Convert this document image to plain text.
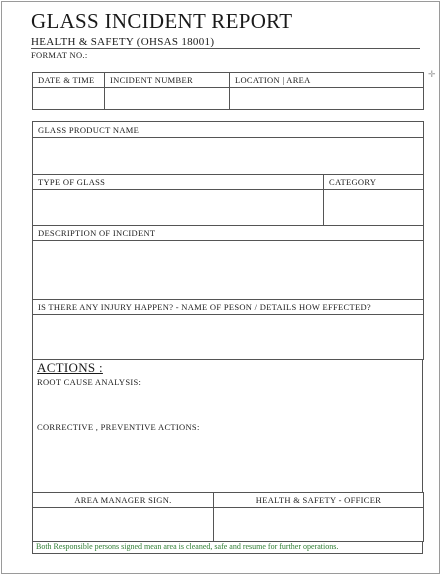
GLASS INCIDENT REPORT
HEALTH & SAFETY (OHSAS 18001)
FORMAT NO.:
✛
DATE & TIME	INCIDENT NUMBER	LOCATION | AREA

GLASS PRODUCT NAME	

TYPE OF GLASS	CATEGORY

DESCRIPTION OF INCIDENT	

IS THERE ANY INJURY HAPPEN? - NAME OF PESON / DETAILS HOW EFFECTED?	

ACTIONS :
ROOT CAUSE ANALYSIS:
CORRECTIVE , PREVENTIVE ACTIONS:
AREA MANAGER SIGN.	HEALTH & SAFETY - OFFICER

Both Responsible persons signed mean area is cleaned, safe and resume for further operations.
